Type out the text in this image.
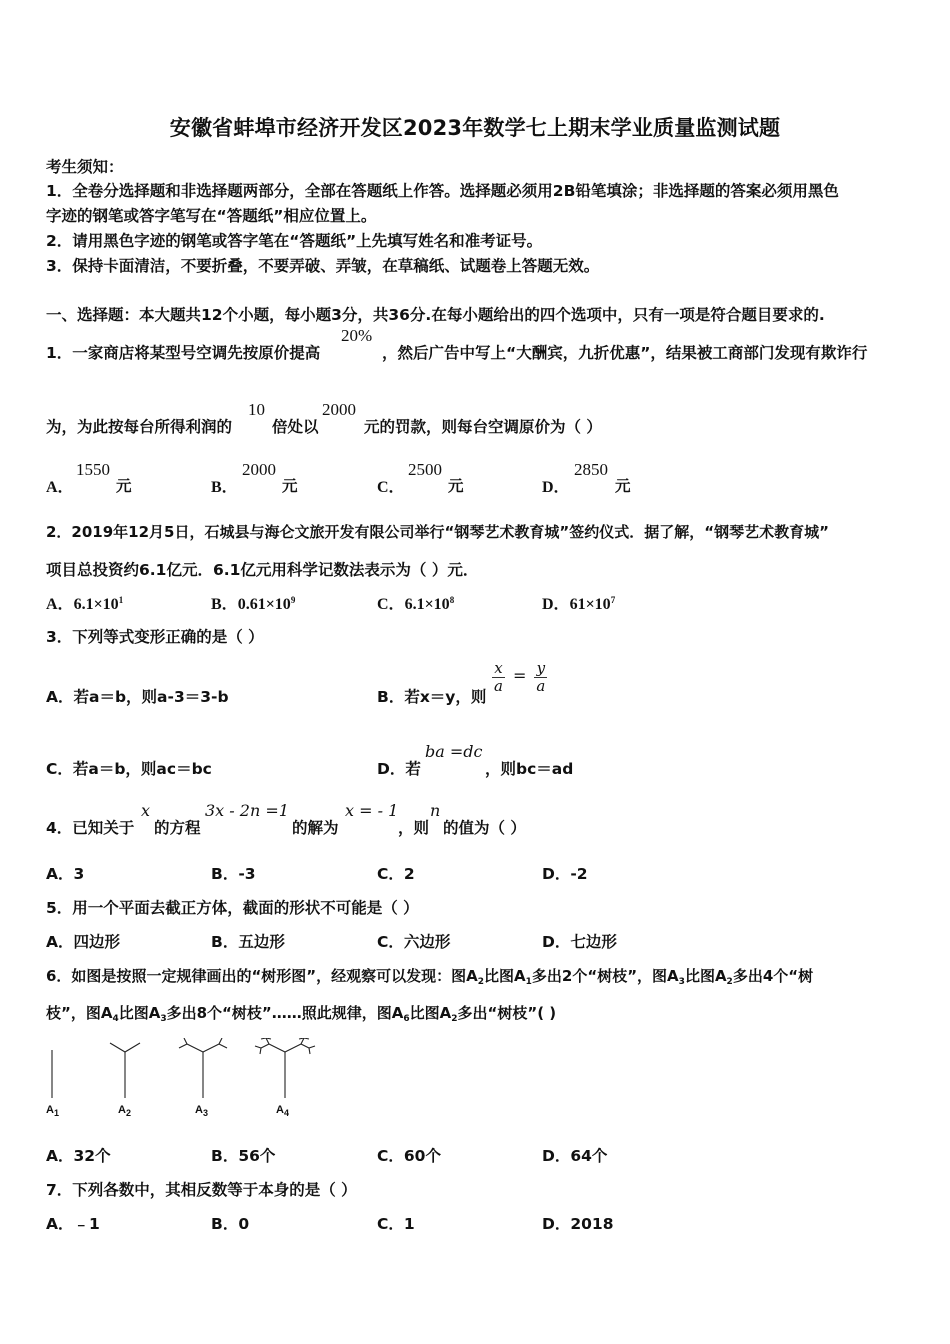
安徽省蚌埠市经济开发区2023年数学七上期末学业质量监测试题
考生须知：
1．全卷分选择题和非选择题两部分，全部在答题纸上作答。选择题必须用2B铅笔填涂；非选择题的答案必须用黑色
字迹的钢笔或答字笔写在“答题纸”相应位置上。
2．请用黑色字迹的钢笔或答字笔在“答题纸”上先填写姓名和准考证号。
3．保持卡面清洁，不要折叠，不要弄破、弄皱，在草稿纸、试题卷上答题无效。
一、选择题：本大题共12个小题，每小题3分，共36分.在每小题给出的四个选项中，只有一项是符合题目要求的.
1．一家商店将某型号空调先按原价提高
20%
，然后广告中写上“大酬宾，九折优惠”，结果被工商部门发现有欺诈行
为，为此按每台所得利润的
10
倍处以
2000
元的罚款，则每台空调原价为（ ）
A．
1550
元	B．
2000
元	C．
2500
元	D．
2850
元
2．2019年12月5日，石城县与海仑文旅开发有限公司举行“钢琴艺术教育城”签约仪式．据了解，“钢琴艺术教育城”
项目总投资约6.1亿元．6.1亿元用科学记数法表示为（ ）元．
A．$6.1\times 10^1$	B．$0.61\times 10^9$	C．$6.1\times 10^8$	D．$61\times 10^7$
3．下列等式变形正确的是（ ）
A．若a＝b，则a-3＝3-b	B．若x＝y，则
$\frac{x}{a} = \frac{y}{a}$
C．若a＝b，则ac＝bc	D．若
ba =dc
，则bc＝ad
4．已知关于
x
的方程
3x - 2n =1
的解为
x = - 1
，则
n
的值为（ ）
A．3	B．-3	C．2	D．-2
5．用一个平面去截正方体，截面的形状不可能是（ ）
A．四边形	B．五边形	C．六边形	D．七边形
6．如图是按照一定规律画出的“树形图”，经观察可以发现：图$A_2$比图$A_1$多出2个“树枝”，图$A_3$比图$A_2$多出4个“树
枝”，图$A_4$比图$A_3$多出8个“树枝”……照此规律，图$A_6$比图$A_2$多出“树枝”( )
$A_1$	$A_2$	$A_3$	$A_4$
A．32个	B．56个	C．60个	D．64个
7．下列各数中，其相反数等于本身的是（ ）
A．﹣1	B．0	C．1	D．2018
